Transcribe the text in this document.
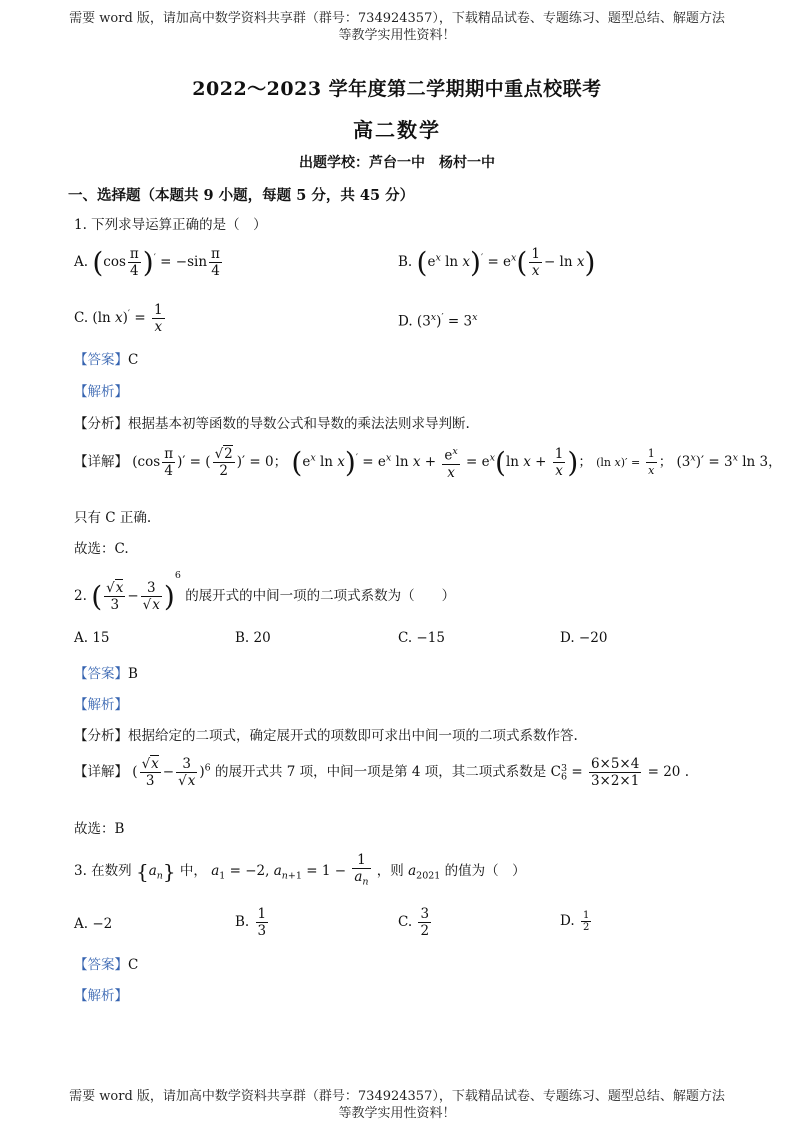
需要 word 版，请加高中数学资料共享群（群号：734924357），下载精品试卷、专题练习、题型总结、解题方法
等教学实用性资料！
2022～2023 学年度第二学期期中重点校联考
高二数学
出题学校：芦台一中　杨村一中
一、选择题（本题共 9 小题，每题 5 分，共 45 分）
1. 下列求导运算正确的是（　）
A. $(\cos \frac{\pi}{4} )' = -\sin \frac{\pi}{4}$	B. ($e^x$ $\ln x)' = e^x( \frac{1}{x} - \ln x)$
C. (ln $x)' = \frac{1}{x}$	D. $(3^x)' = 3^x$
【答案】C
【解析】
【分析】根据基本初等函数的导数公式和导数的乘法法则求导判断.
【详解】 ($\cos \frac{\pi}{4}$ )′ = ( $\frac{√2}{2}$ )′ = 0； ($e^x$ $\ln x)' = e^x$ $\ln x + \frac{e^x}{x} = e^x(\ln$ $x + \frac{1}{x}$ )； (ln $x)' = \frac{1}{x}$ ； $(3^x)' = 3^x$ ln 3，
只有 C 正确.
故选：C.
2. ( $\frac{√x}{3} - \frac{3}{√x} )^6$ 的展开式的中间一项的二项式系数为（　　）
A. 15	B. 20	C. −15	D. −20
【答案】B
【解析】
【分析】根据给定的二项式，确定展开式的项数即可求出中间一项的二项式系数作答.
【详解】 ( $\frac{√x}{3} - \frac{3}{√x} )^6$ 的展开式共 7 项，中间一项是第 4 项，其二项式系数是 $C_6^3 = \frac{6\times 5\times 4}{3\times 2\times 1} = 20$ .
故选：B
3. 在数列 $\{a_n\}$ 中， $a_1 = -2$, $a_{n+1} = 1 - \frac{1}{a_n}$ ，则 $a_{2021}$ 的值为（　）
A. −2	B. $\frac{1}{3}$	C. $\frac{3}{2}$	D. $\frac{1}{2}$
【答案】C
【解析】
需要 word 版，请加高中数学资料共享群（群号：734924357），下载精品试卷、专题练习、题型总结、解题方法
等教学实用性资料！
